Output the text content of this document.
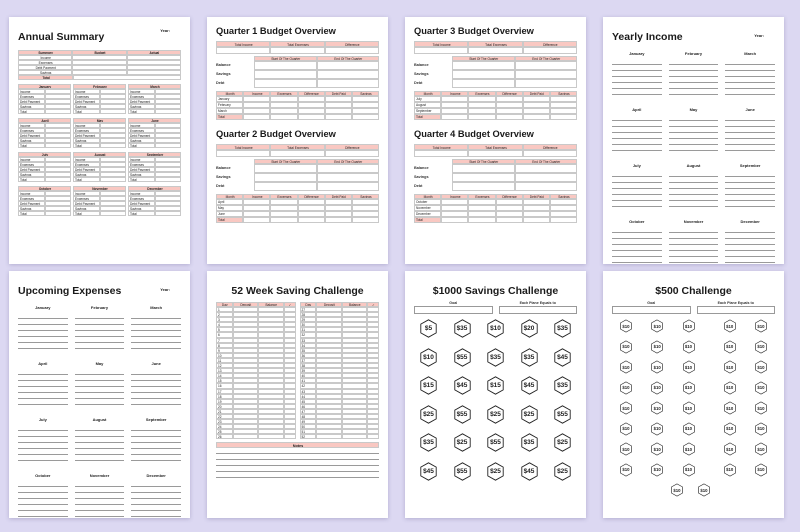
Annual Summary
Year:
Summary	Budget	Actual
Income
Expenses
Debt Payment
Savings
Total
January
Income
Expenses
Debt Payment
Savings
Total
February
Income
Expenses
Debt Payment
Savings
Total
March
Income
Expenses
Debt Payment
Savings
Total
April
Income
Expenses
Debt Payment
Savings
Total
May
Income
Expenses
Debt Payment
Savings
Total
June
Income
Expenses
Debt Payment
Savings
Total
July
Income
Expenses
Debt Payment
Savings
Total
August
Income
Expenses
Debt Payment
Savings
Total
September
Income
Expenses
Debt Payment
Savings
Total
October
Income
Expenses
Debt Payment
Savings
Total
November
Income
Expenses
Debt Payment
Savings
Total
December
Income
Expenses
Debt Payment
Savings
Total
Quarter 1 Budget Overview
Total Income	Total Expenses	Difference
Start Of The Quarter	End Of The Quarter
Balance
Savings
Debt
Month	Income	Expenses	Difference	Debt Paid	Savings
January
February
March
Total
Quarter 2 Budget Overview
Total Income	Total Expenses	Difference
Start Of The Quarter	End Of The Quarter
Balance
Savings
Debt
Month	Income	Expenses	Difference	Debt Paid	Savings
April
May
June
Total
Quarter 3 Budget Overview
Total Income	Total Expenses	Difference
Start Of The Quarter	End Of The Quarter
Balance
Savings
Debt
Month	Income	Expenses	Difference	Debt Paid	Savings
July
August
September
Total
Quarter 4 Budget Overview
Total Income	Total Expenses	Difference
Start Of The Quarter	End Of The Quarter
Balance
Savings
Debt
Month	Income	Expenses	Difference	Debt Paid	Savings
October
November
December
Total
Yearly Income	Year:
January	February	March
April	May	June
July	August	September
October	November	December
Upcoming Expenses	Year:
January	February	March
April	May	June
July	August	September
October	November	December
52 Week Saving Challenge
Day	Deposit	Balance	✓
1
2
3
4
5
6
7
8
9
10
11
12
13
14
15
16
17
18
19
20
21
22
23
24
25
26
Day	Deposit	Balance	✓
27
28
29
30
31
32
33
34
35
36
37
38
39
40
41
42
43
44
45
46
47
48
49
50
51
52
Notes
$1000 Savings Challenge
Goal	Each Plane Equals to
$5	$35	$10	$20	$35
$10	$55	$35	$35	$45
$15	$45	$15	$45	$35
$25	$55	$25	$25	$55
$35	$25	$55	$35	$25
$45	$55	$25	$45	$25
$500 Challenge
Goal	Each Plane Equals to
$10	$10	$10	$10	$10
$10	$10	$10	$10	$10
$10	$10	$10	$10	$10
$10	$10	$10	$10	$10
$10	$10	$10	$10	$10
$10	$10	$10	$10	$10
$10	$10	$10	$10	$10
$10	$10	$10	$10	$10
$10	$10
